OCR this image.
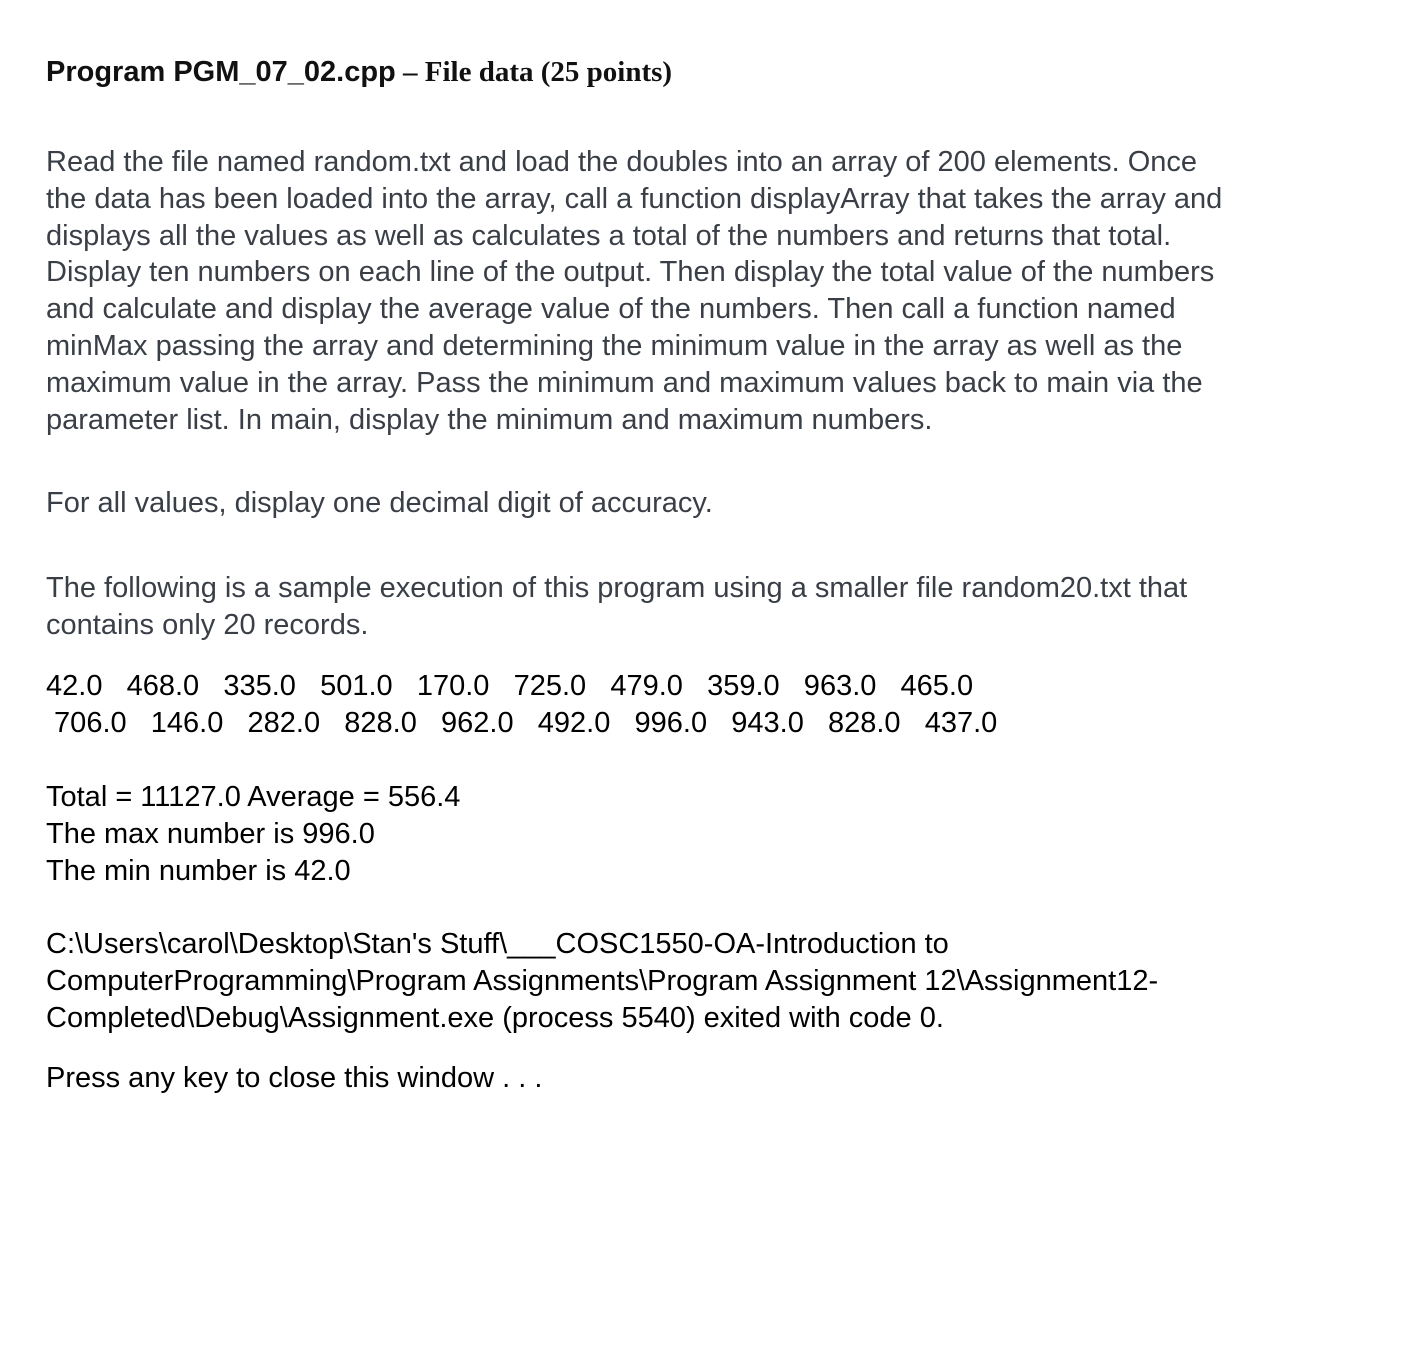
Program PGM_07_02.cpp – File data (25 points)

Read the file named random.txt and load the doubles into an array of 200 elements. Once
the data has been loaded into the array, call a function displayArray that takes the array and
displays all the values as well as calculates a total of the numbers and returns that total.
Display ten numbers on each line of the output. Then display the total value of the numbers
and calculate and display the average value of the numbers. Then call a function named
minMax passing the array and determining the minimum value in the array as well as the
maximum value in the array. Pass the minimum and maximum values back to main via the
parameter list. In main, display the minimum and maximum numbers.

For all values, display one decimal digit of accuracy.

The following is a sample execution of this program using a smaller file random20.txt that
contains only 20 records.
42.0   468.0   335.0   501.0   170.0   725.0   479.0   359.0   963.0   465.0
706.0   146.0   282.0   828.0   962.0   492.0   996.0   943.0   828.0   437.0
Total = 11127.0 Average = 556.4
The max number is 996.0
The min number is 42.0
C:\Users\carol\Desktop\Stan's Stuff\___COSC1550-OA-Introduction to
ComputerProgramming\Program Assignments\Program Assignment 12\Assignment12-
Completed\Debug\Assignment.exe (process 5540) exited with code 0.

Press any key to close this window . . .
